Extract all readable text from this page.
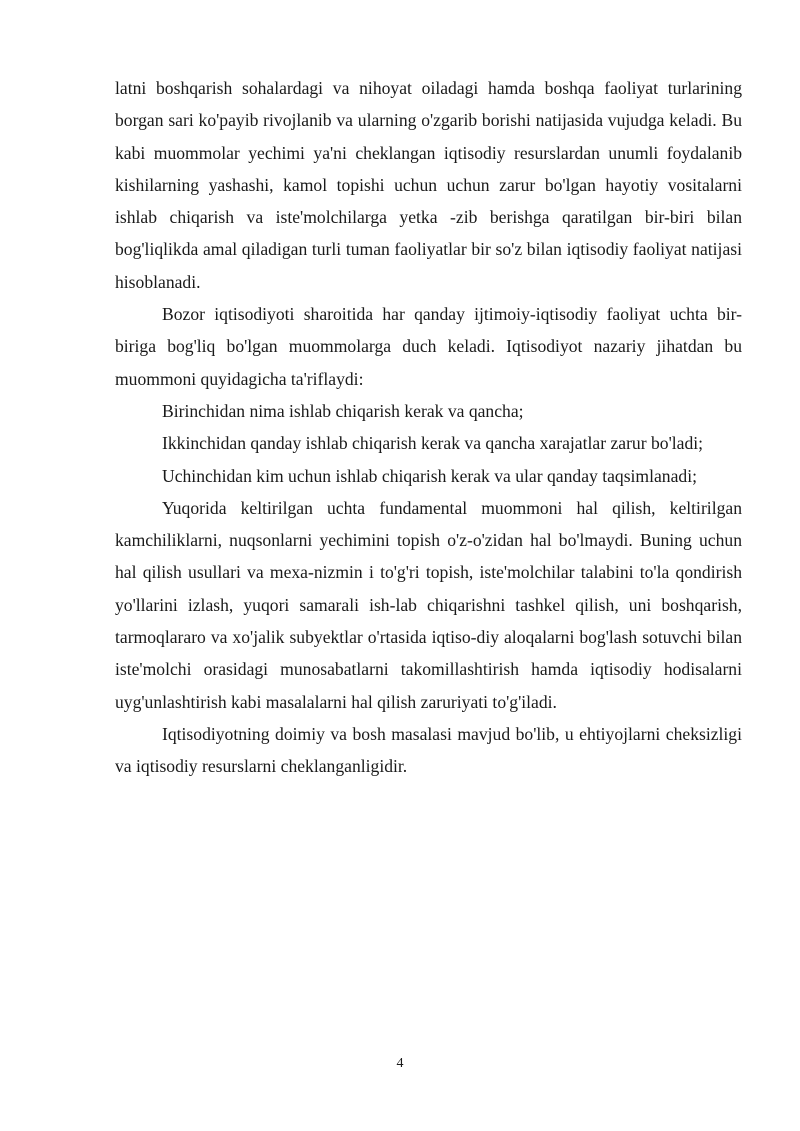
latni boshqarish sohalardagi va nihoyat oiladagi hamda boshqa faoliyat turlarining borgan sari ko'payib rivojlanib va ularning o'zgarib borishi natijasida vujudga keladi. Bu kabi muommolar yechimi ya'ni cheklangan iqtisodiy resurslardan unumli foydalanib kishilarning yashashi, kamol topishi uchun uchun zarur bo'lgan hayotiy vositalarni ishlab chiqarish va iste'molchilarga yetka -zib berishga qaratilgan bir-biri bilan bog'liqlikda amal qiladigan turli tuman faoliyatlar bir so'z bilan iqtisodiy faoliyat natijasi hisoblanadi.

Bozor iqtisodiyoti sharoitida har qanday ijtimoiy-iqtisodiy faoliyat uchta bir-biriga bog'liq bo'lgan muommolarga duch keladi. Iqtisodiyot nazariy jihatdan bu muommoni quyidagicha ta'riflaydi:

Birinchidan nima ishlab chiqarish kerak va qancha;

Ikkinchidan qanday ishlab chiqarish kerak va qancha xarajatlar zarur bo'ladi;

Uchinchidan kim uchun ishlab chiqarish kerak va ular qanday taqsimlanadi;

Yuqorida keltirilgan uchta fundamental muommoni hal qilish, keltirilgan kamchiliklarni, nuqsonlarni yechimini topish o'z-o'zidan hal bo'lmaydi. Buning uchun hal qilish usullari va mexa-nizmin i to'g'ri topish, iste'molchilar talabini to'la qondirish yo'llarini izlash, yuqori samarali ish-lab chiqarishni tashkel qilish, uni boshqarish, tarmoqlararo va xo'jalik subyektlar o'rtasida iqtiso-diy aloqalarni bog'lash sotuvchi bilan iste'molchi orasidagi munosabatlarni takomillashtirish hamda iqtisodiy hodisalarni uyg'unlashtirish kabi masalalarni hal qilish zaruriyati to'g'iladi.

Iqtisodiyotning doimiy va bosh masalasi mavjud bo'lib, u ehtiyojlarni cheksizligi va iqtisodiy resurslarni cheklanganligidir.

4
